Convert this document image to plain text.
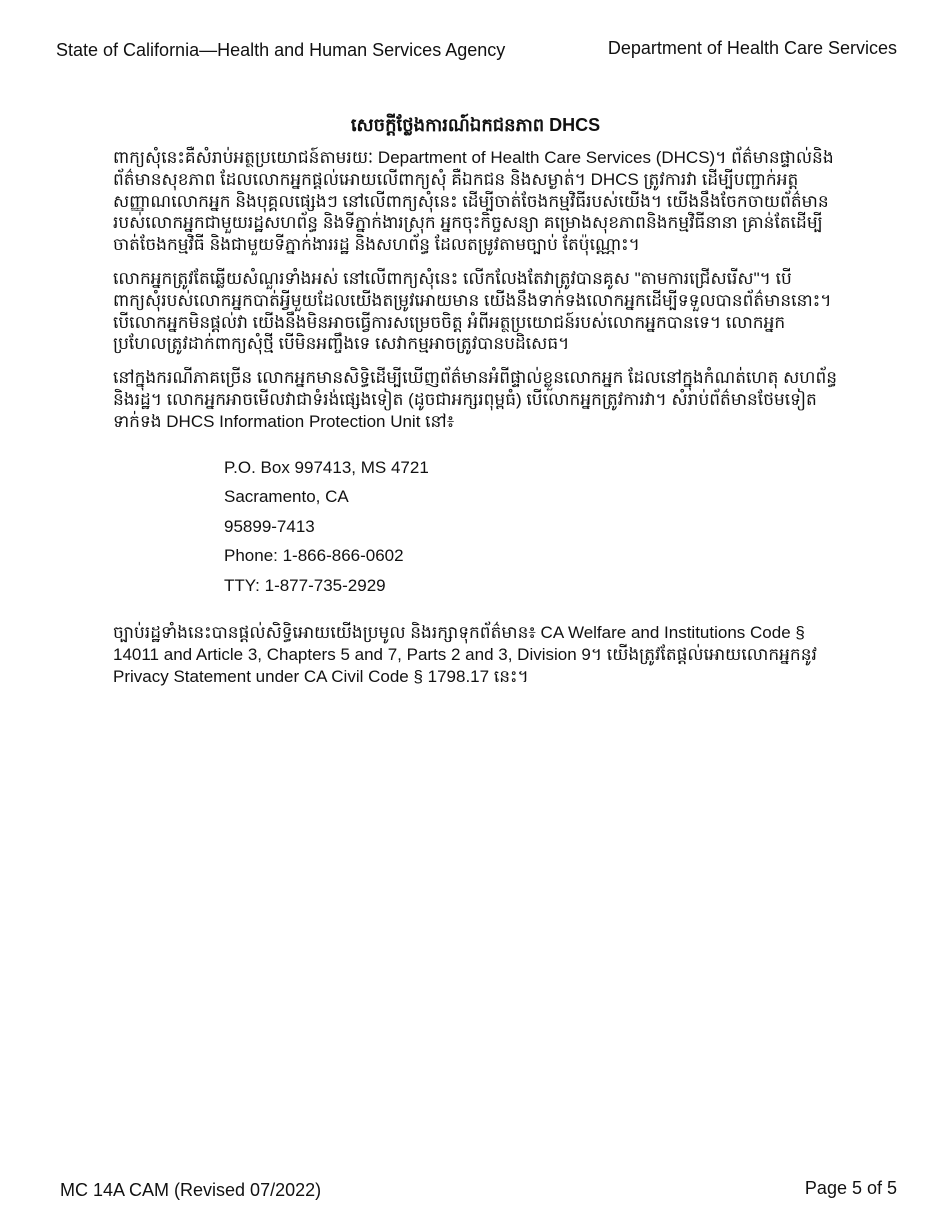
State of California—Health and Human Services Agency	Department of Health Care Services
សេចក្តីថ្លែងការណ៍ឯកជនភាព DHCS

ពាក្យសុំនេះគឺសំរាប់អត្ថប្រយោជន៍តាមរយៈ Department of Health Care Services (DHCS)។ ព័ត៌មានផ្ទាល់និងព័ត៌មានសុខភាព ដែលលោកអ្នកផ្តល់អោយលើពាក្យសុំ គឺឯកជន និងសម្ងាត់។ DHCS ត្រូវការវា ដើម្បីបញ្ជាក់អត្តសញ្ញាណលោកអ្នក និងបុគ្គលផ្សេងៗ នៅលើពាក្យសុំនេះ ដើម្បីចាត់ចែងកម្មវិធីរបស់យើង។ យើងនឹងចែកចាយព័ត៌មានរបស់លោកអ្នកជាមួយរដ្ឋសហព័ន្ធ និងទីភ្នាក់ងារស្រុក អ្នកចុះកិច្ចសន្យា គម្រោងសុខភាពនិងកម្មវិធីនានា គ្រាន់តែដើម្បីចាត់ចែងកម្មវិធី និងជាមួយទីភ្នាក់ងាររដ្ឋ និងសហព័ន្ធ ដែលតម្រូវតាមច្បាប់ តែប៉ុណ្ណោះ។

លោកអ្នកត្រូវតែឆ្លើយសំណួរទាំងអស់ នៅលើពាក្យសុំនេះ លើកលែងតែវាត្រូវបានគូស "តាមការជ្រើសរើស"។ បើពាក្យសុំរបស់លោកអ្នកបាត់អ្វីមួយដែលយើងតម្រូវអោយមាន យើងនឹងទាក់ទងលោកអ្នកដើម្បីទទួលបានព័ត៌មាននោះ។ បើលោកអ្នកមិនផ្តល់វា យើងនឹងមិនអាចធ្វើការសម្រេចចិត្ត អំពីអត្ថប្រយោជន៍របស់លោកអ្នកបានទេ។ លោកអ្នកប្រហែលត្រូវដាក់ពាក្យសុំថ្មី បើមិនអញ្ចឹងទេ សេវាកម្មអាចត្រូវបានបដិសេធ។

នៅក្នុងករណីភាគច្រើន លោកអ្នកមានសិទ្ធិដើម្បីឃើញព័ត៌មានអំពីផ្ទាល់ខ្លួនលោកអ្នក ដែលនៅក្នុងកំណត់ហេតុ សហព័ន្ធ និងរដ្ឋ។ លោកអ្នកអាចមើលវាជាទំរង់ផ្សេងទៀត (ដូចជាអក្សរពុម្ពធំ) បើលោកអ្នកត្រូវការវា។ សំរាប់ព័ត៌មានថែមទៀត ទាក់ទង DHCS Information Protection Unit នៅ៖

P.O. Box 997413, MS 4721
Sacramento, CA
95899-7413
Phone: 1-866-866-0602
TTY: 1-877-735-2929

ច្បាប់រដ្ឋទាំងនេះបានផ្តល់សិទ្ធិអោយយើងប្រមូល និងរក្សាទុកព័ត៌មាន៖ CA Welfare and Institutions Code § 14011 and Article 3, Chapters 5 and 7, Parts 2 and 3, Division 9។ យើងត្រូវតែផ្តល់អោយលោកអ្នកនូវ Privacy Statement under CA Civil Code § 1798.17 នេះ។

MC 14A CAM (Revised 07/2022)	Page 5 of 5
